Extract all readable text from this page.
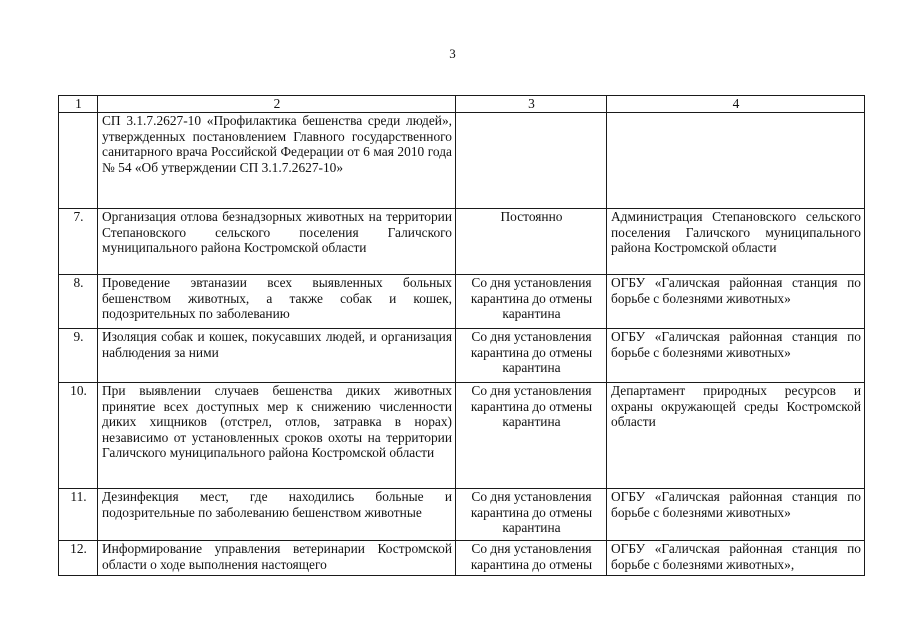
3
1	2	3	4
	СП 3.1.7.2627-10 «Профилактика бешенства среди людей», утвержденных постановлением Главного государственного санитарного врача Российской Федерации от 6 мая 2010 года № 54 «Об утверждении СП 3.1.7.2627-10»		
7.	Организация отлова безнадзорных животных на территории Степановского сельского поселения Галичского муниципального района Костромской области	Постоянно	Администрация Степановского сельского поселения Галичского муниципального района Костромской области
8.	Проведение эвтаназии всех выявленных больных бешенством животных, а также собак и кошек, подозрительных по заболеванию	Со дня установления карантина до отмены карантина	ОГБУ «Галичская районная станция по борьбе с болезнями животных»
9.	Изоляция собак и кошек, покусавших людей, и организация наблюдения за ними	Со дня установления карантина до отмены карантина	ОГБУ «Галичская районная станция по борьбе с болезнями животных»
10.	При выявлении случаев бешенства диких животных принятие всех доступных мер к снижению численности диких хищников (отстрел, отлов, затравка в норах) независимо от установленных сроков охоты на территории Галичского муниципального района Костромской области	Со дня установления карантина до отмены карантина	Департамент природных ресурсов и охраны окружающей среды Костромской области
11.	Дезинфекция мест, где находились больные и подозрительные по заболеванию бешенством животные	Со дня установления карантина до отмены карантина	ОГБУ «Галичская районная станция по борьбе с болезнями животных»
12.	Информирование управления ветеринарии Костромской области о ходе выполнения настоящего	Со дня установления карантина до отмены	ОГБУ «Галичская районная станция по борьбе с болезнями животных»,
